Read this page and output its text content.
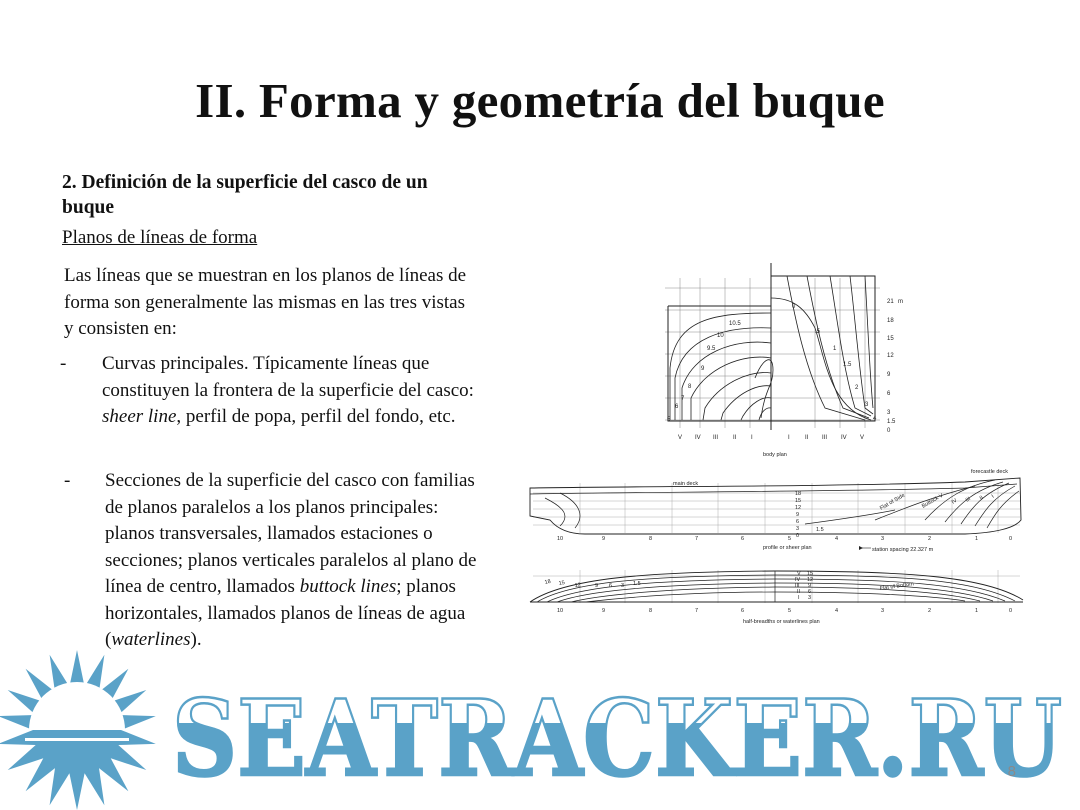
II. Forma y geometría del buque

2. Definición de la superficie del casco de un buque

Planos de líneas de forma

Las líneas que se muestran en los planos de líneas de forma son generalmente las mismas en las tres vistas y consisten en:

- Curvas principales. Típicamente líneas que constituyen la frontera de la superficie del casco: sheer line, perfil de popa, perfil del fondo, etc.
- Secciones de la superficie del casco con familias de planos paralelos a los planos principales: planos transversales, llamados estaciones o secciones; planos verticales paralelos al plano de línea de centro, llamados buttock lines; planos horizontales, llamados planos de líneas de agua (waterlines).
0
.5
1
1.5
2
3
4
10.5
10
9.5
9
8
7
6
5
21 m
18
15
12
9
6
3
1.5
0
V IV III II I	I	II III IV V
body plan
main deck
forecastle deck
18
15
12
9
6
3
0
1.5
Flat of Side	Buttock V IV III II I
10	9	8	7	6	5	4	3	2	1	0
profile or sheer plan	station spacing 22.327 m
18 15 12 9 6 3 1.5
V 15
IV 12
III 9
II 6
I 3
Flat of Bottom
10	9	8	7	6	5	4	3	2	1	0
half-breadths or waterlines plan
SEATRACKER.RU
8
